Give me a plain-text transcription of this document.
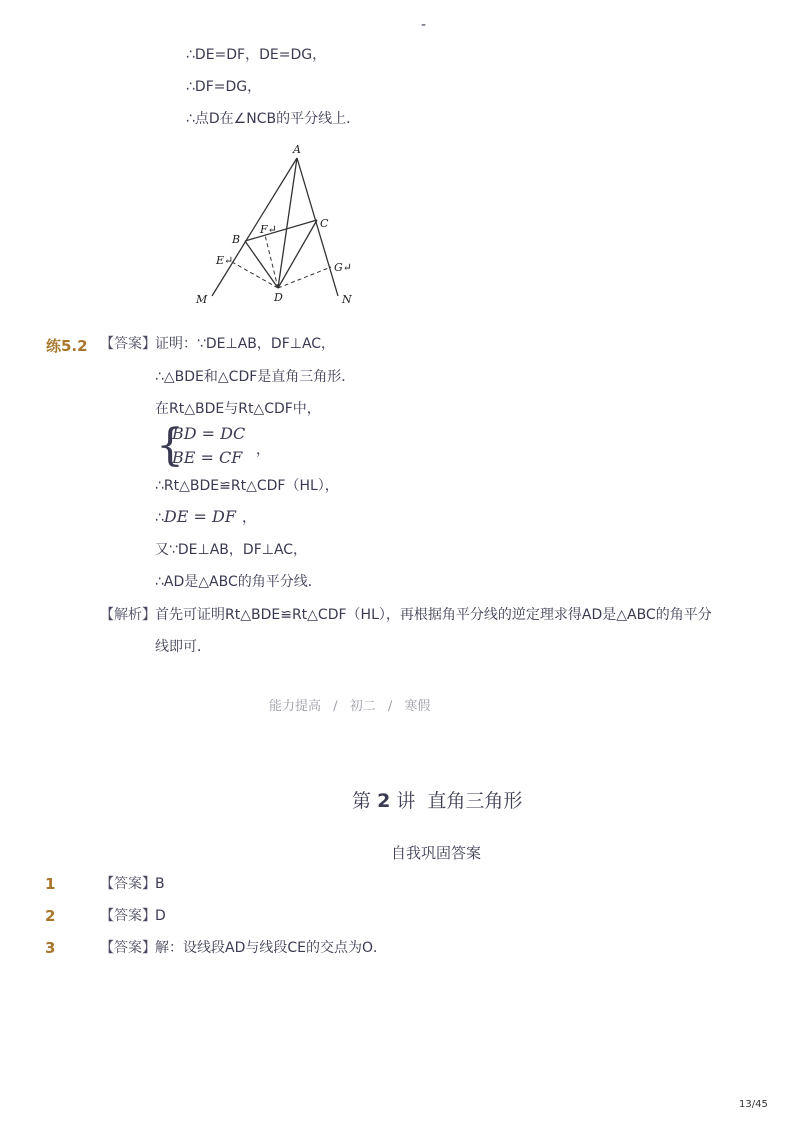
-
∴DE=DF，DE=DG，
∴DF=DG，
∴点D在∠NCB的平分线上．
A
B
C
D
E↵
F↵
G↵
M	N
练5.2 【答案】 证明：∵DE⊥AB，DF⊥AC，
∴△BDE和△CDF是直角三角形．
在Rt△BDE与Rt△CDF中，
{
BD = DC
BE = CF ，
∴Rt△BDE≌Rt△CDF（HL），
∴DE = DF ，
又∵DE⊥AB，DF⊥AC，
∴AD是△ABC的角平分线．
【解析】 首先可证明Rt△BDE≌Rt△CDF（HL），再根据角平分线的逆定理求得AD是△ABC的角平分
线即可．
能力提高 / 初二 / 寒假
第 2 讲 直角三角形
自我巩固答案
1	【答案】 B
2	【答案】 D
3	【答案】 解：设线段AD与线段CE的交点为O．
13/45
